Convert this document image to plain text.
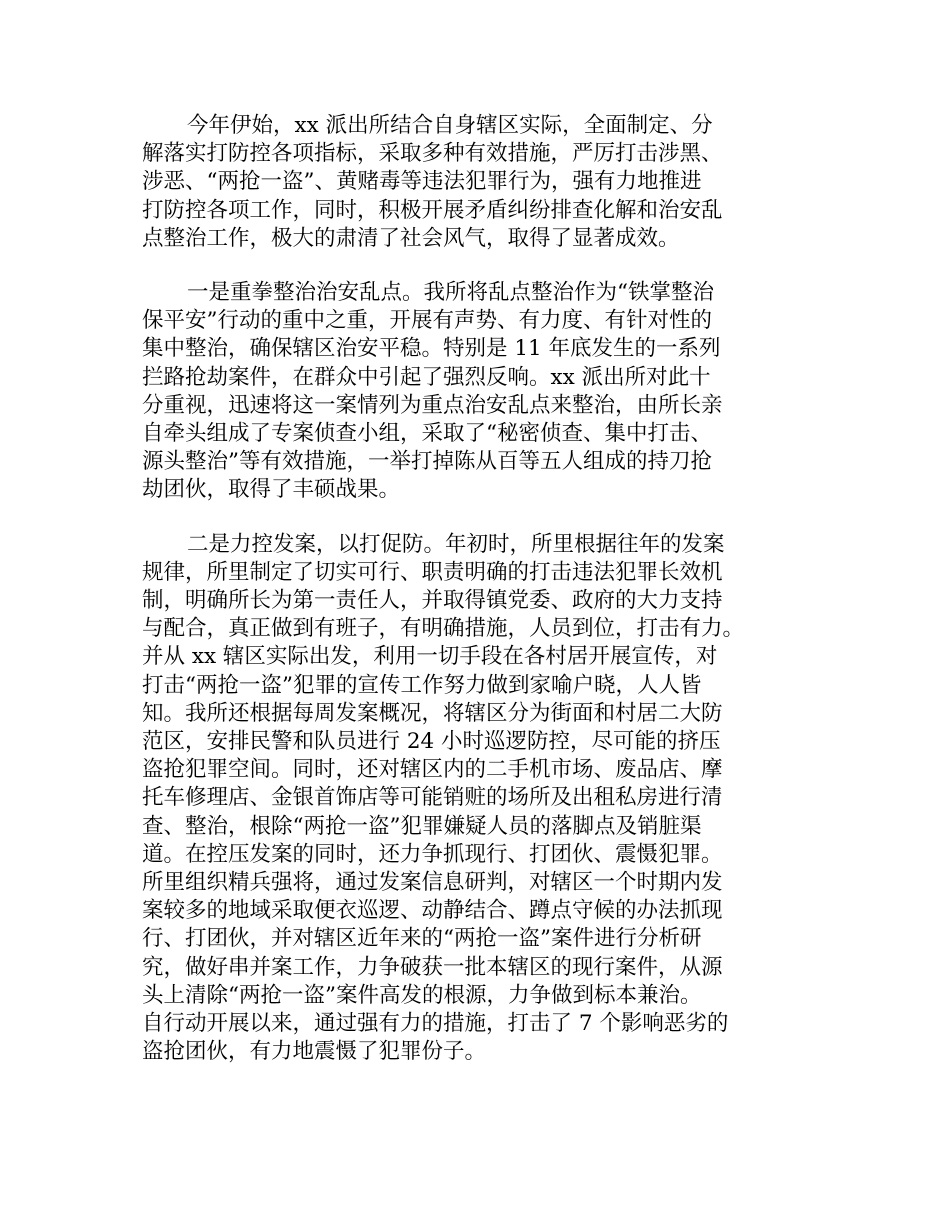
今年伊始，xx 派出所结合自身辖区实际，全面制定、分
解落实打防控各项指标，采取多种有效措施，严厉打击涉黑、
涉恶、“两抢一盗”、黄赌毒等违法犯罪行为，强有力地推进
打防控各项工作，同时，积极开展矛盾纠纷排查化解和治安乱
点整治工作，极大的肃清了社会风气，取得了显著成效。

一是重拳整治治安乱点。我所将乱点整治作为“铁掌整治
保平安”行动的重中之重，开展有声势、有力度、有针对性的
集中整治，确保辖区治安平稳。特别是 11 年底发生的一系列
拦路抢劫案件，在群众中引起了强烈反响。xx 派出所对此十
分重视，迅速将这一案情列为重点治安乱点来整治，由所长亲
自牵头组成了专案侦查小组，采取了“秘密侦查、集中打击、
源头整治”等有效措施，一举打掉陈从百等五人组成的持刀抢
劫团伙，取得了丰硕战果。

二是力控发案，以打促防。年初时，所里根据往年的发案
规律，所里制定了切实可行、职责明确的打击违法犯罪长效机
制，明确所长为第一责任人，并取得镇党委、政府的大力支持
与配合，真正做到有班子，有明确措施，人员到位，打击有力。
并从 xx 辖区实际出发，利用一切手段在各村居开展宣传，对
打击“两抢一盗”犯罪的宣传工作努力做到家喻户晓，人人皆
知。我所还根据每周发案概况，将辖区分为街面和村居二大防
范区，安排民警和队员进行 24 小时巡逻防控，尽可能的挤压
盗抢犯罪空间。同时，还对辖区内的二手机市场、废品店、摩
托车修理店、金银首饰店等可能销赃的场所及出租私房进行清
查、整治，根除“两抢一盗”犯罪嫌疑人员的落脚点及销脏渠
道。在控压发案的同时，还力争抓现行、打团伙、震慑犯罪。
所里组织精兵强将，通过发案信息研判，对辖区一个时期内发
案较多的地域采取便衣巡逻、动静结合、蹲点守候的办法抓现
行、打团伙，并对辖区近年来的“两抢一盗”案件进行分析研
究，做好串并案工作，力争破获一批本辖区的现行案件，从源
头上清除“两抢一盗”案件高发的根源，力争做到标本兼治。
自行动开展以来，通过强有力的措施，打击了 7 个影响恶劣的
盗抢团伙，有力地震慑了犯罪份子。
